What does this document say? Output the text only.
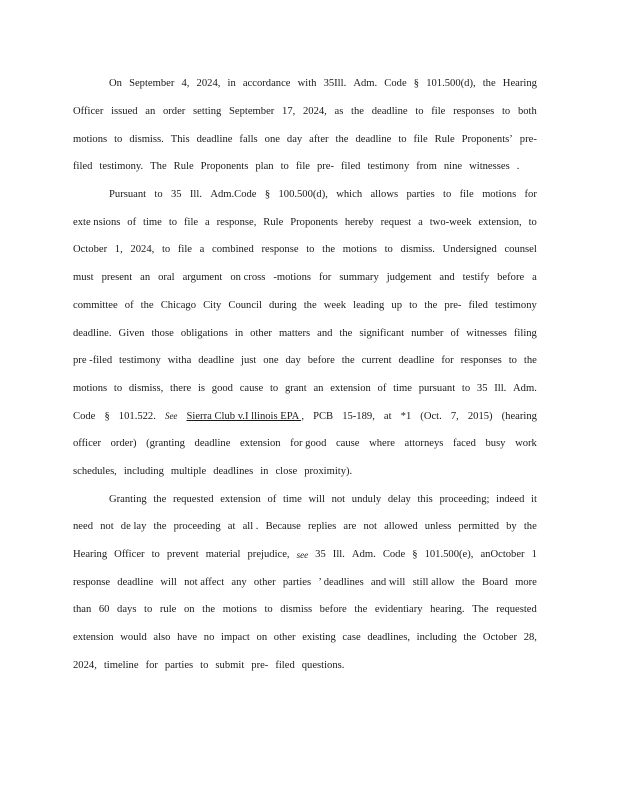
On September 4, 2024, in accordance with 35Ill. Adm. Code § 101.500(d), the Hearing
Officer issued an order setting September 17, 2024, as the deadline to file responses to both
motions to dismiss. This deadline falls one day after the deadline to file Rule Proponents’ pre-
filed testimony. The Rule Proponents plan to file pre- filed testimony from nine witnesses .
Pursuant to 35 Ill. Adm.Code § 100.500(d), which allows parties to file motions for
exte nsions of time to file a response, Rule Proponents hereby request a two-week extension, to
October 1, 2024, to file a combined response to the motions to dismiss. Undersigned counsel
must present an oral argument on cross -motions for summary judgement and testify before a
committee of the Chicago City Council during the week leading up to the pre- filed testimony
deadline. Given those obligations in other matters and the significant number of witnesses filing
pre -filed testimony witha deadline just one day before the current deadline for responses to the
motions to dismiss, there is good cause to grant an extension of time pursuant to 35 Ill. Adm.
Code § 101.522. See Sierra Club v.I llinois EPA , PCB 15-189, at *1 (Oct. 7, 2015) (hearing
officer order) (granting deadline extension for good cause where attorneys faced busy work
schedules, including multiple deadlines in close proximity).
Granting the requested extension of time will not unduly delay this proceeding; indeed it
need not de lay the proceeding at all . Because replies are not allowed unless permitted by the
Hearing Officer to prevent material prejudice, see 35 Ill. Adm. Code § 101.500(e), anOctober 1
response deadline will not affect any other parties ’ deadlines and will still allow the Board more
than 60 days to rule on the motions to dismiss before the evidentiary hearing. The requested
extension would also have no impact on other existing case deadlines, including the October 28,
2024, timeline for parties to submit pre- filed questions.
